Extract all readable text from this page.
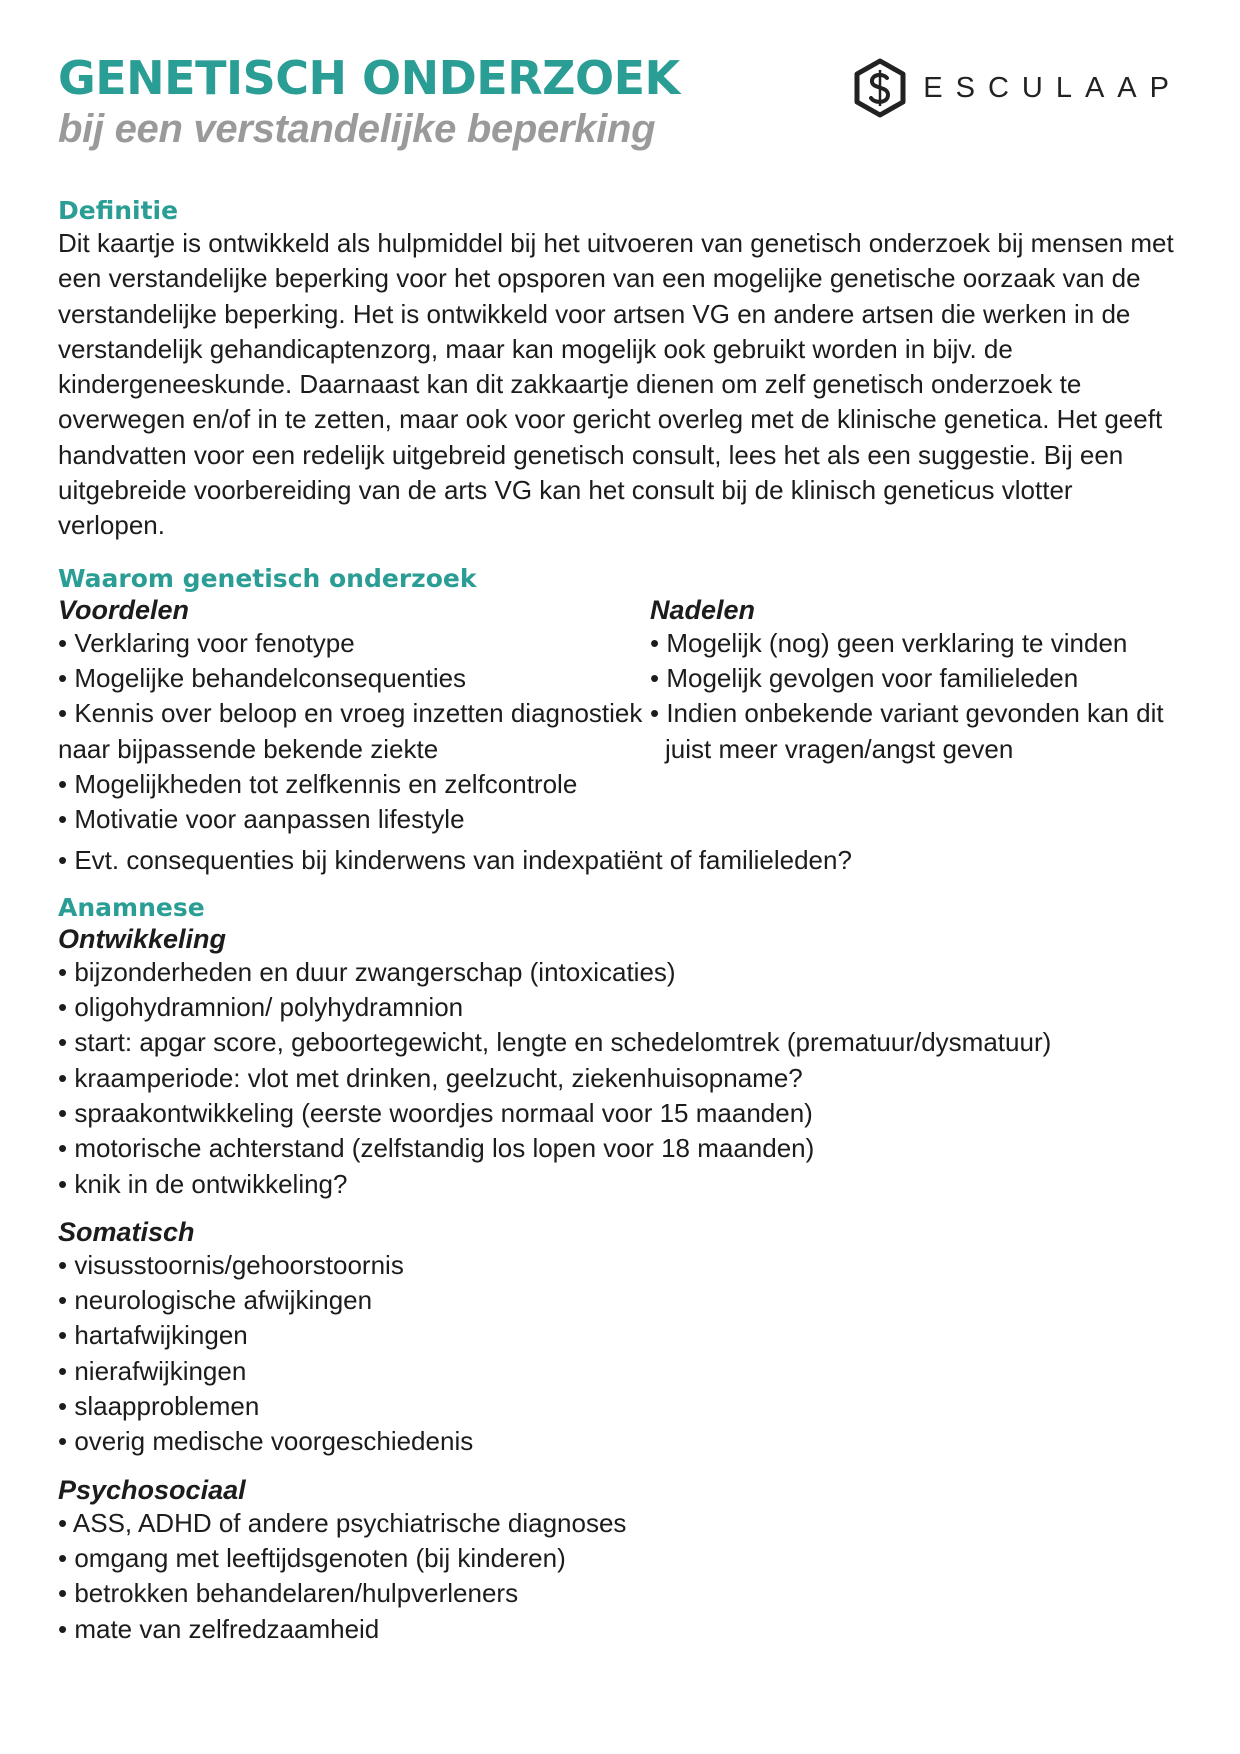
ESCULAAP
GENETISCH ONDERZOEK
bij een verstandelijke beperking
Definitie

Dit kaartje is ontwikkeld als hulpmiddel bij het uitvoeren van genetisch onderzoek bij mensen met een verstandelijke beperking voor het opsporen van een mogelijke genetische oorzaak van de verstandelijke beperking. Het is ontwikkeld voor artsen VG en andere artsen die werken in de verstandelijk gehandicaptenzorg, maar kan mogelijk ook gebruikt worden in bijv. de kindergeneeskunde. Daarnaast kan dit zakkaartje dienen om zelf genetisch onderzoek te overwegen en/of in te zetten, maar ook voor gericht overleg met de klinische genetica. Het geeft handvatten voor een redelijk uitgebreid genetisch consult, lees het als een suggestie. Bij een uitgebreide voorbereiding van de arts VG kan het consult bij de klinisch geneticus vlotter verlopen.

Waarom genetisch onderzoek
Voordelen
• Verklaring voor fenotype
• Mogelijke behandelconsequenties
• Kennis over beloop en vroeg inzetten diagnostiek naar bijpassende bekende ziekte
• Mogelijkheden tot zelfkennis en zelfcontrole
• Motivatie voor aanpassen lifestyle
Nadelen
• Mogelijk (nog) geen verklaring te vinden
• Mogelijk gevolgen voor familieleden
• Indien onbekende variant gevonden kan dit juist meer vragen/angst geven
• Evt. consequenties bij kinderwens van indexpatiënt of familieleden?
Anamnese
Ontwikkeling
• bijzonderheden en duur zwangerschap (intoxicaties)
• oligohydramnion/ polyhydramnion
• start: apgar score, geboortegewicht, lengte en schedelomtrek (prematuur/dysmatuur)
• kraamperiode: vlot met drinken, geelzucht, ziekenhuisopname?
• spraakontwikkeling (eerste woordjes normaal voor 15 maanden)
• motorische achterstand (zelfstandig los lopen voor 18 maanden)
• knik in de ontwikkeling?
Somatisch
• visusstoornis/gehoorstoornis
• neurologische afwijkingen
• hartafwijkingen
• nierafwijkingen
• slaapproblemen
• overig medische voorgeschiedenis
Psychosociaal
• ASS, ADHD of andere psychiatrische diagnoses
• omgang met leeftijdsgenoten (bij kinderen)
• betrokken behandelaren/hulpverleners
• mate van zelfredzaamheid
